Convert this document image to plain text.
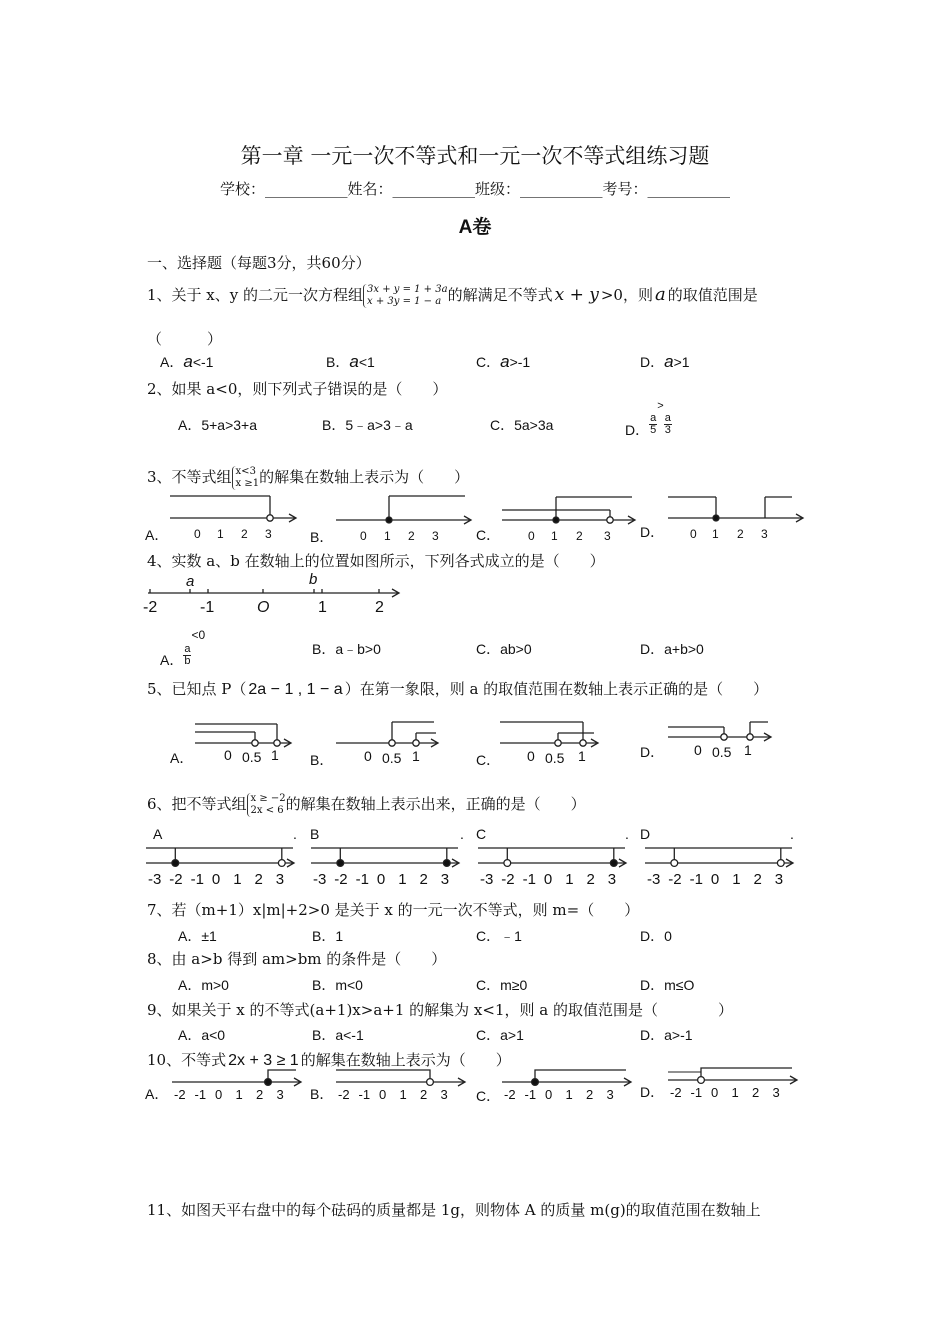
第一章 一元一次不等式和一元一次不等式组练习题
学校：___________姓名：___________班级：___________考号：___________
A卷
一、选择题（每题3分，共60分）
1、关于 x、y 的二元一次方程组 3x + y = 1 + 3a
x + 3y = 1 − a 的解满足不等式 x + y >0，则 a 的取值范围是
（　　　）
A．a<-1	B．a<1	C．a>-1	D．a>1
2、如果 a<0，则下列式子错误的是（　　）
A．5+a>3+a	B．5﹣a>3﹣a	C．5a>3a	D． $\frac{a}{5}$
>
$\frac{a}{3}$
3、不等式组 x<3
x ≥1的解集在数轴上表示为（　　）
A．	B．	C．	D．
0 1 2 3	0 1 2 3	0 1 2 3	0 1 2 3
a	b
-2	-1	O	1	2
0 0.5 1	0 0.5 1	0 0.5 1	0 0.5 1
-3 -2 -1 0 1 2 3 -3 -2 -1 0 1 2 3 -3 -2 -1 0 1 2 3 -3 -2 -1 0 1 2 3
-2 -1 0 1 2 3	-2 -1 0 1 2 3	-2 -1 0 1 2 3	-2 -1 0 1 2 3
4、实数 a、b 在数轴上的位置如图所示，下列各式成立的是（　　）
A． $\frac{a}{b}$
<0
B．a﹣b>0	C．ab>0	D．a+b>0
5、已知点 P（ 2a − 1 , 1 − a ）在第一象限，则 a 的取值范围在数轴上表示正确的是（　　）
A．	B．	C．	D．
6、把不等式组 x ≥ −2
2x < 6 的解集在数轴上表示出来，正确的是（　　）
A	. B	. C	. D	.
7、若（m+1）x|m|+2>0 是关于 x 的一元一次不等式，则 m=（　　）
A．±1	B．1	C．﹣1	D．0
8、由 a>b 得到 am>bm 的条件是（　　）
A．m>0	B．m<0	C．m≥0	D．m≤O
9、如果关于 x 的不等式(a+1)x>a+1 的解集为 x<1，则 a 的取值范围是（　　　　）
A．a<0	B．a<-1	C．a>1	D．a>-1
10、不等式 2x + 3 ≥ 1 的解集在数轴上表示为（　　）
A．	B．	C．	D．
11、如图天平右盘中的每个砝码的质量都是 1g，则物体 A 的质量 m(g)的取值范围在数轴上
